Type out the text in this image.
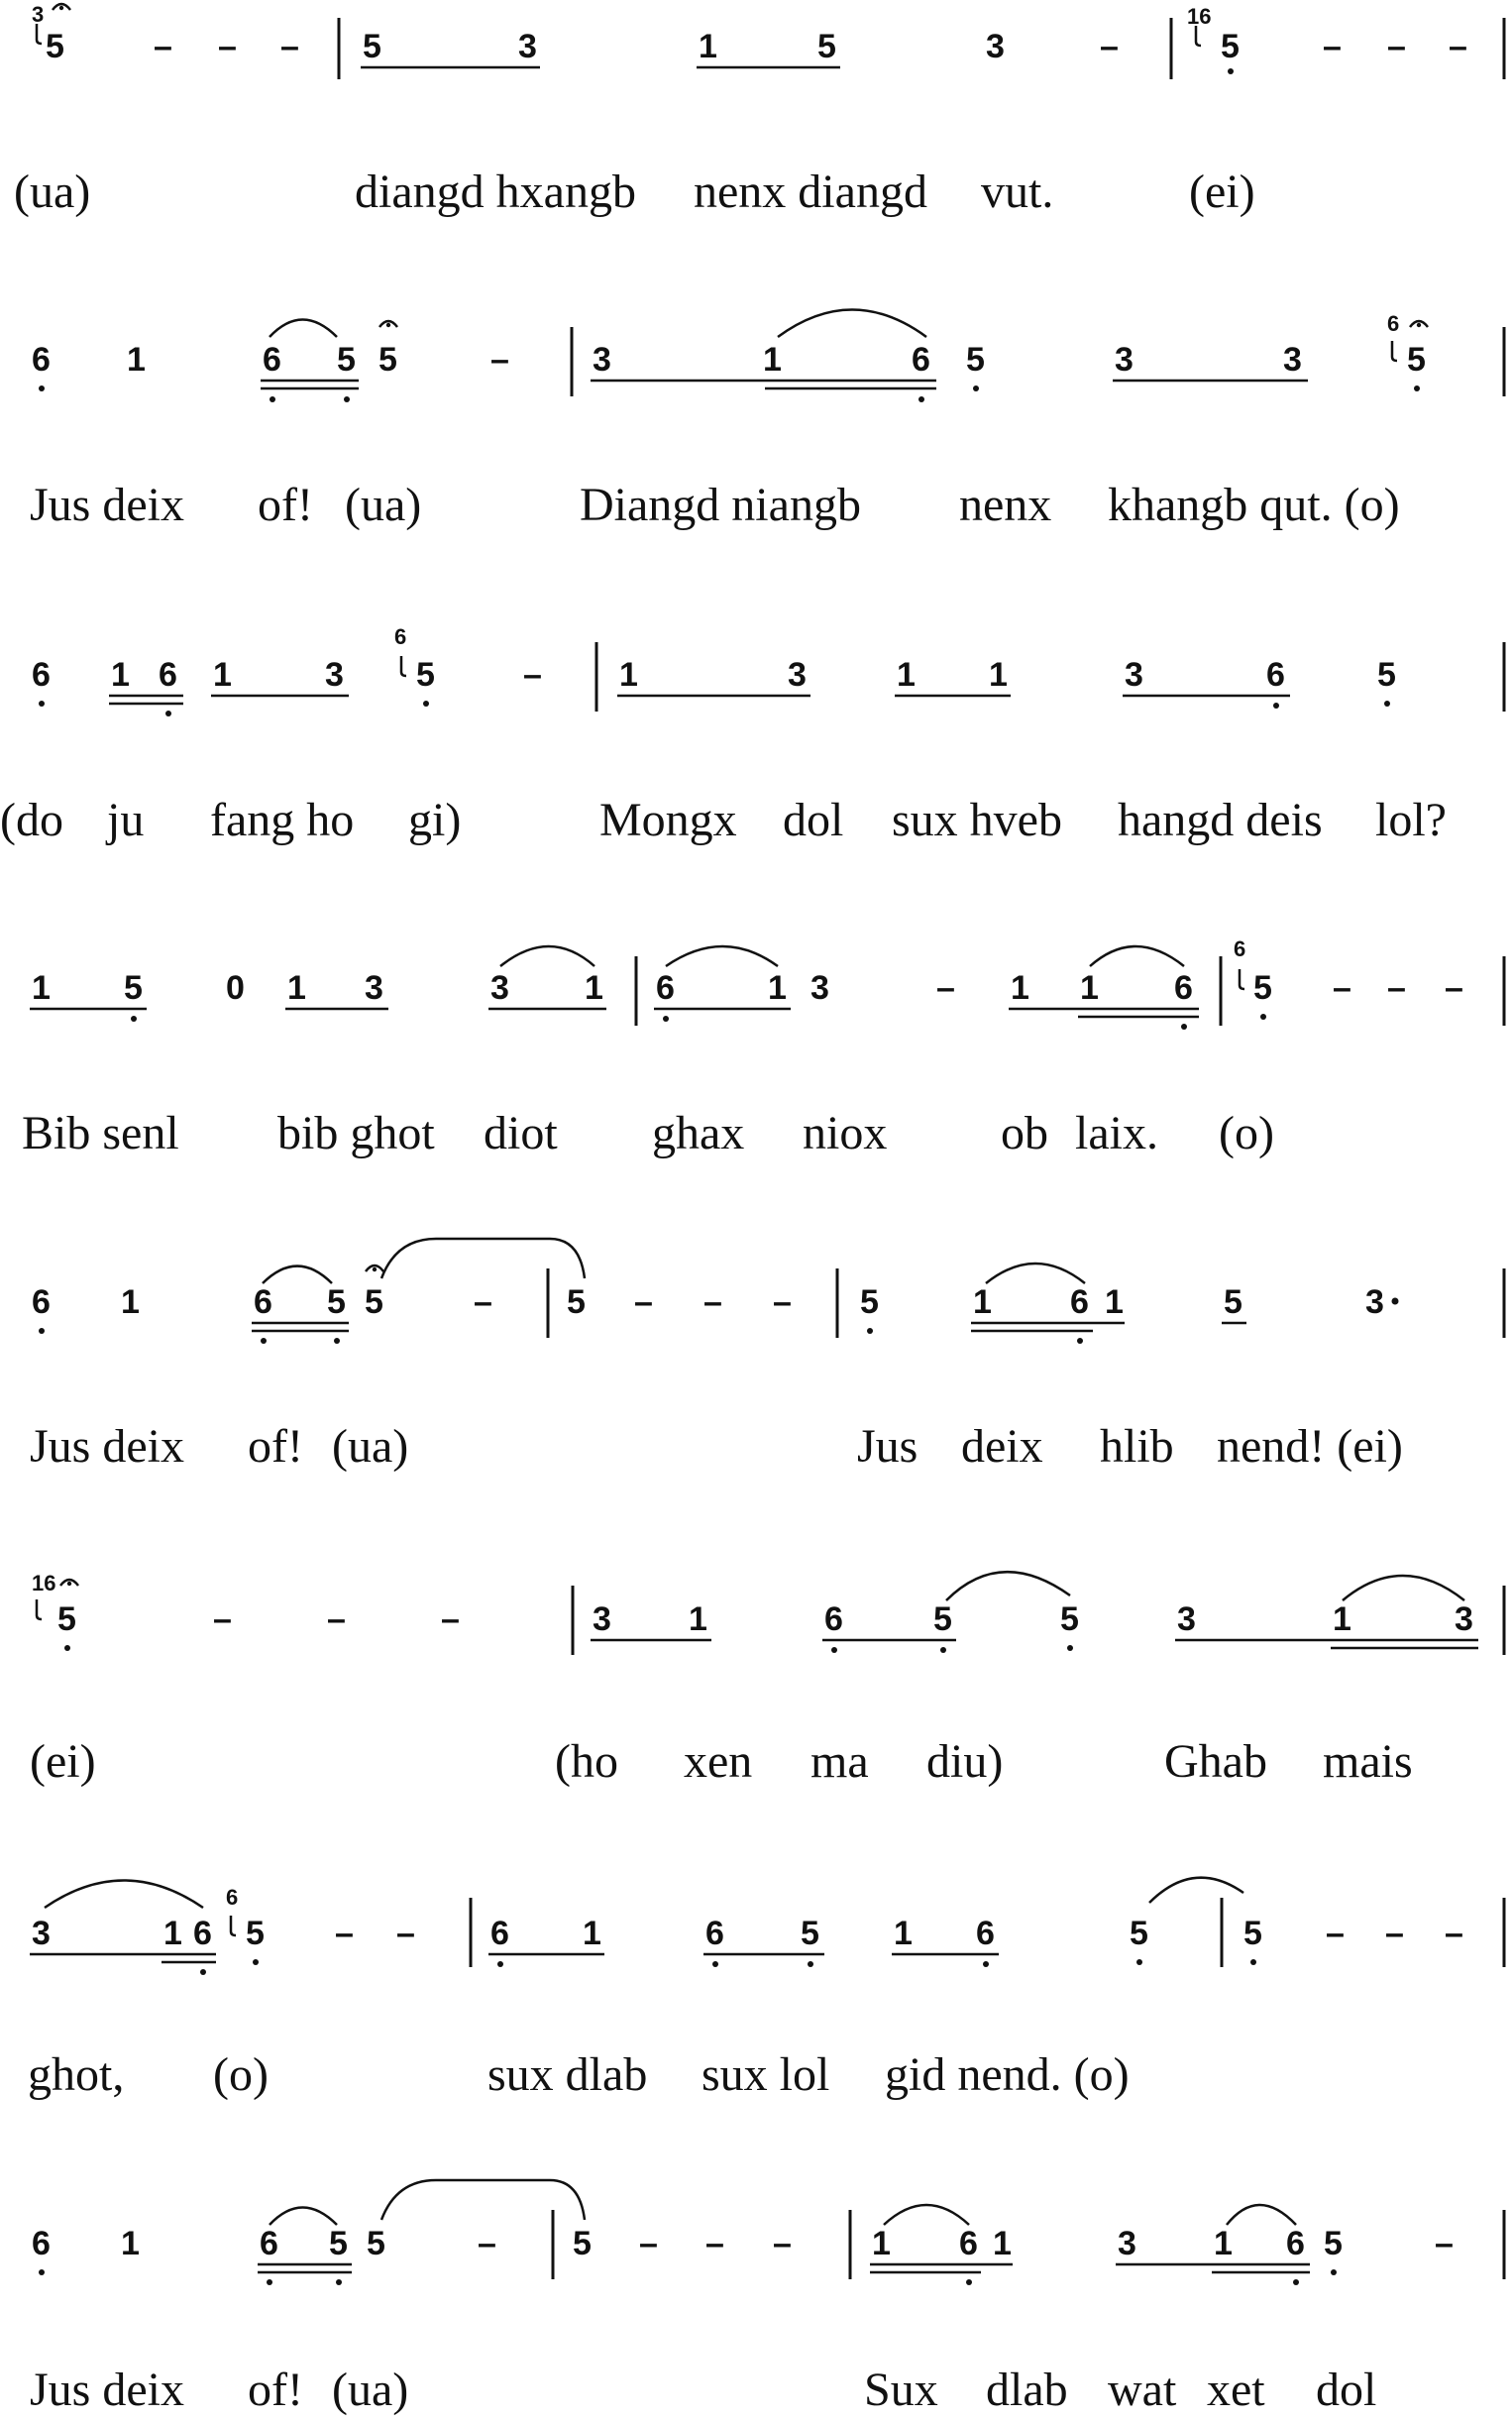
3
5	– – – 5	3	1	5	3	–
16
5 – – –
6 1	6 5 5	– 3	1	6 5	3	3
6
5
6 1 6 1	3
6
5	– 1	3	1 1	3	6	5
1 5 0 1 3	3 1 6	1 3	– 1 1 6
6
5 – – –
6 1	6 5 5	– 5 – – – 5	1 6 1	5	3
16
5	–	–	–	3 1	6	5	5	3	1	3
3	1 6
6
5 – – 6 1	6 5 1 6	5	5 – – –
6 1	6 5 5	– 5 – – – 1 6 1	3 1 6 5	–
(ua)	diangd hxangb nenx diangd vut.	(ei)
Jus deix of! (ua)	Diangd niangb nenx khangb qut. (o)
(do ju fang ho gi)	Mongx dol sux hveb hangd deis lol?
Bib senl bib ghot diot ghax niox ob laix. (o)
Jus deix of! (ua)	Jus deix hlib nend! (ei)
(ei)	(ho xen ma diu)	Ghab mais
ghot, (o)	sux dlab sux lol gid nend. (o)
Jus deix of! (ua)	Sux dlab wat xet dol
